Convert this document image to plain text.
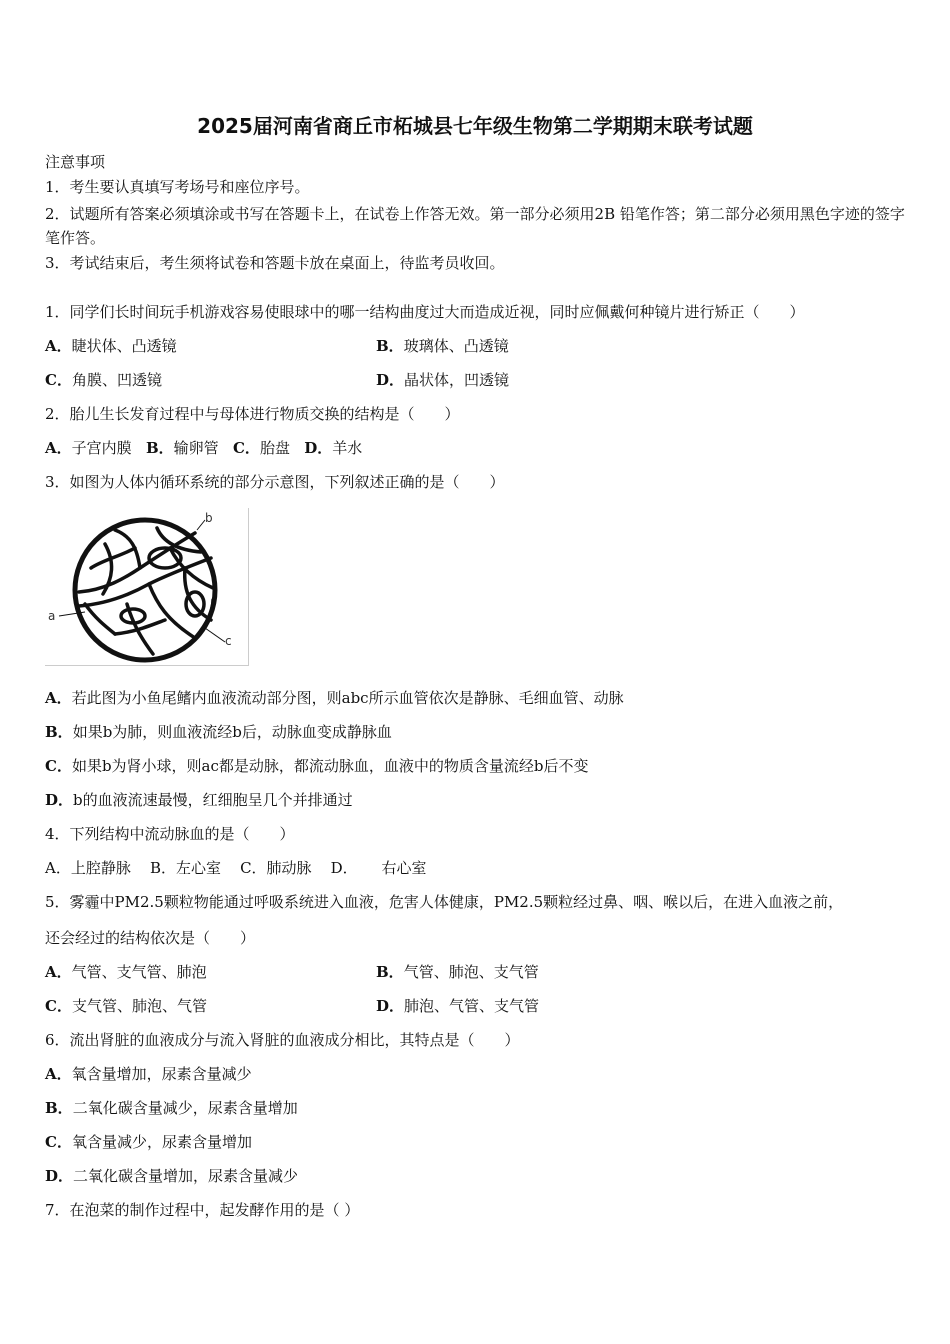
2025届河南省商丘市柘城县七年级生物第二学期期末联考试题
注意事项
1．考生要认真填写考场号和座位序号。
2．试题所有答案必须填涂或书写在答题卡上，在试卷上作答无效。第一部分必须用2B 铅笔作答；第二部分必须用黑色字迹的签字笔作答。
3．考试结束后，考生须将试卷和答题卡放在桌面上，待监考员收回。
1．同学们长时间玩手机游戏容易使眼球中的哪一结构曲度过大而造成近视，同时应佩戴何种镜片进行矫正（　　）
A．睫状体、凸透镜	B．玻璃体、凸透镜
C．角膜、凹透镜	D．晶状体，凹透镜
2．胎儿生长发育过程中与母体进行物质交换的结构是（　　）
A．子宫内膜 B．输卵管 C．胎盘 D．羊水
3．如图为人体内循环系统的部分示意图，下列叙述正确的是（　　）
b
a
c
A．若此图为小鱼尾鳍内血液流动部分图，则abc所示血管依次是静脉、毛细血管、动脉
B．如果b为肺，则血液流经b后，动脉血变成静脉血
C．如果b为肾小球，则ac都是动脉，都流动脉血，血液中的物质含量流经b后不变
D．b的血液流速最慢，红细胞呈几个并排通过
4．下列结构中流动脉血的是（　　）
A．上腔静脉 B．左心室 C．肺动脉 D． 右心室
5．雾霾中PM2.5颗粒物能通过呼吸系统进入血液，危害人体健康，PM2.5颗粒经过鼻、咽、喉以后，在进入血液之前，
还会经过的结构依次是（　　）
A．气管、支气管、肺泡	B．气管、肺泡、支气管
C．支气管、肺泡、气管	D．肺泡、气管、支气管
6．流出肾脏的血液成分与流入肾脏的血液成分相比，其特点是（　　）
A．氧含量增加，尿素含量减少
B．二氧化碳含量减少，尿素含量增加
C．氧含量减少，尿素含量增加
D．二氧化碳含量增加，尿素含量减少
7．在泡菜的制作过程中，起发酵作用的是（ ）
